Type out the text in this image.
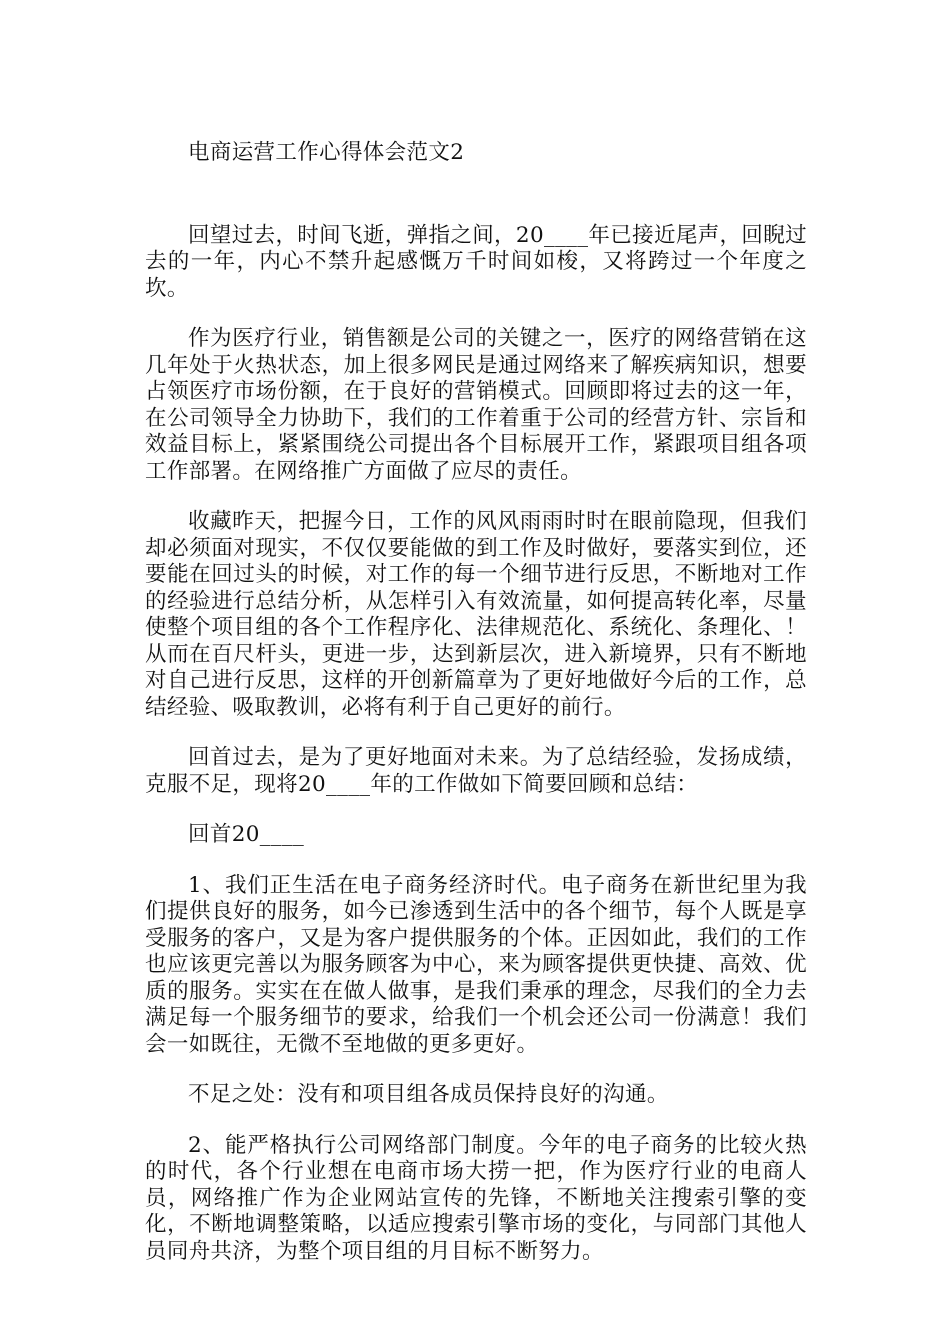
电商运营工作心得体会范文2

回望过去，时间飞逝，弹指之间，20____年已接近尾声，回睨过去的一年，内心不禁升起感慨万千时间如梭，又将跨过一个年度之坎。

作为医疗行业，销售额是公司的关键之一，医疗的网络营销在这几年处于火热状态，加上很多网民是通过网络来了解疾病知识，想要占领医疗市场份额，在于良好的营销模式。回顾即将过去的这一年，在公司领导全力协助下，我们的工作着重于公司的经营方针、宗旨和效益目标上，紧紧围绕公司提出各个目标展开工作，紧跟项目组各项工作部署。在网络推广方面做了应尽的责任。

收藏昨天，把握今日，工作的风风雨雨时时在眼前隐现，但我们却必须面对现实，不仅仅要能做的到工作及时做好，要落实到位，还要能在回过头的时候，对工作的每一个细节进行反思，不断地对工作的经验进行总结分析，从怎样引入有效流量，如何提高转化率，尽量使整个项目组的各个工作程序化、法律规范化、系统化、条理化、！从而在百尺杆头，更进一步，达到新层次，进入新境界，只有不断地对自己进行反思，这样的开创新篇章为了更好地做好今后的工作，总结经验、吸取教训，必将有利于自己更好的前行。

回首过去，是为了更好地面对未来。为了总结经验，发扬成绩，克服不足，现将20____年的工作做如下简要回顾和总结：

回首20____

1、我们正生活在电子商务经济时代。电子商务在新世纪里为我们提供良好的服务，如今已渗透到生活中的各个细节，每个人既是享受服务的客户，又是为客户提供服务的个体。正因如此，我们的工作也应该更完善以为服务顾客为中心，来为顾客提供更快捷、高效、优质的服务。实实在在做人做事，是我们秉承的理念，尽我们的全力去满足每一个服务细节的要求，给我们一个机会还公司一份满意！我们会一如既往，无微不至地做的更多更好。

不足之处：没有和项目组各成员保持良好的沟通。

2、能严格执行公司网络部门制度。今年的电子商务的比较火热的时代，各个行业想在电商市场大捞一把，作为医疗行业的电商人员，网络推广作为企业网站宣传的先锋，不断地关注搜索引擎的变化，不断地调整策略，以适应搜索引擎市场的变化，与同部门其他人员同舟共济，为整个项目组的月目标不断努力。
